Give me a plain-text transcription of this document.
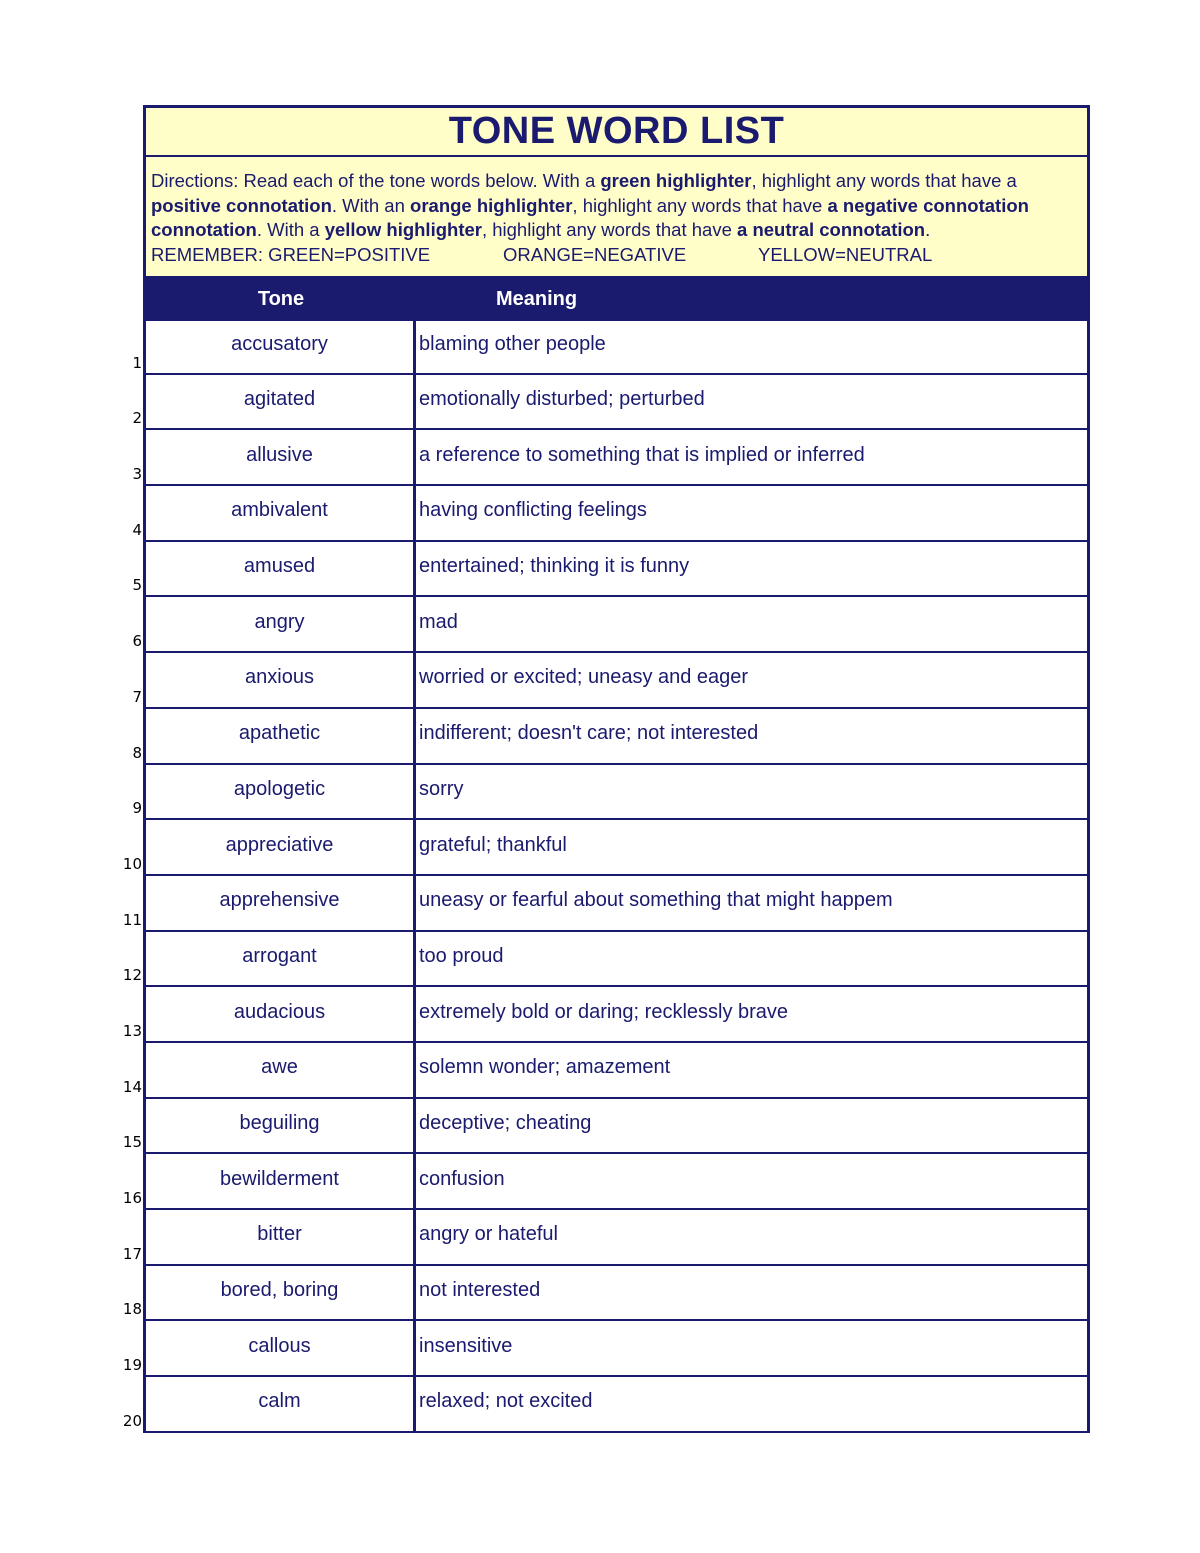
TONE WORD LIST
Directions: Read each of the tone words below. With a green highlighter, highlight any words that have a positive connotation. With an orange highlighter, highlight any words that have a negative connotation
connotation. With a yellow highlighter, highlight any words that have a neutral connotation.
REMEMBER: GREEN=POSITIVE	ORANGE=NEGATIVE	YELLOW=NEUTRAL
Tone	Meaning
1
accusatory	blaming other people
2
agitated	emotionally disturbed; perturbed
3
allusive	a reference to something that is implied or inferred
4
ambivalent	having conflicting feelings
5
amused	entertained; thinking it is funny
6
angry	mad
7
anxious	worried or excited; uneasy and eager
8
apathetic	indifferent; doesn't care; not interested
9
apologetic	sorry
10
appreciative	grateful; thankful
11
apprehensive	uneasy or fearful about something that might happem
12
arrogant	too proud
13
audacious	extremely bold or daring; recklessly brave
14
awe	solemn wonder; amazement
15
beguiling	deceptive; cheating
16
bewilderment	confusion
17
bitter	angry or hateful
18
bored, boring	not interested
19
callous	insensitive
20
calm	relaxed; not excited
